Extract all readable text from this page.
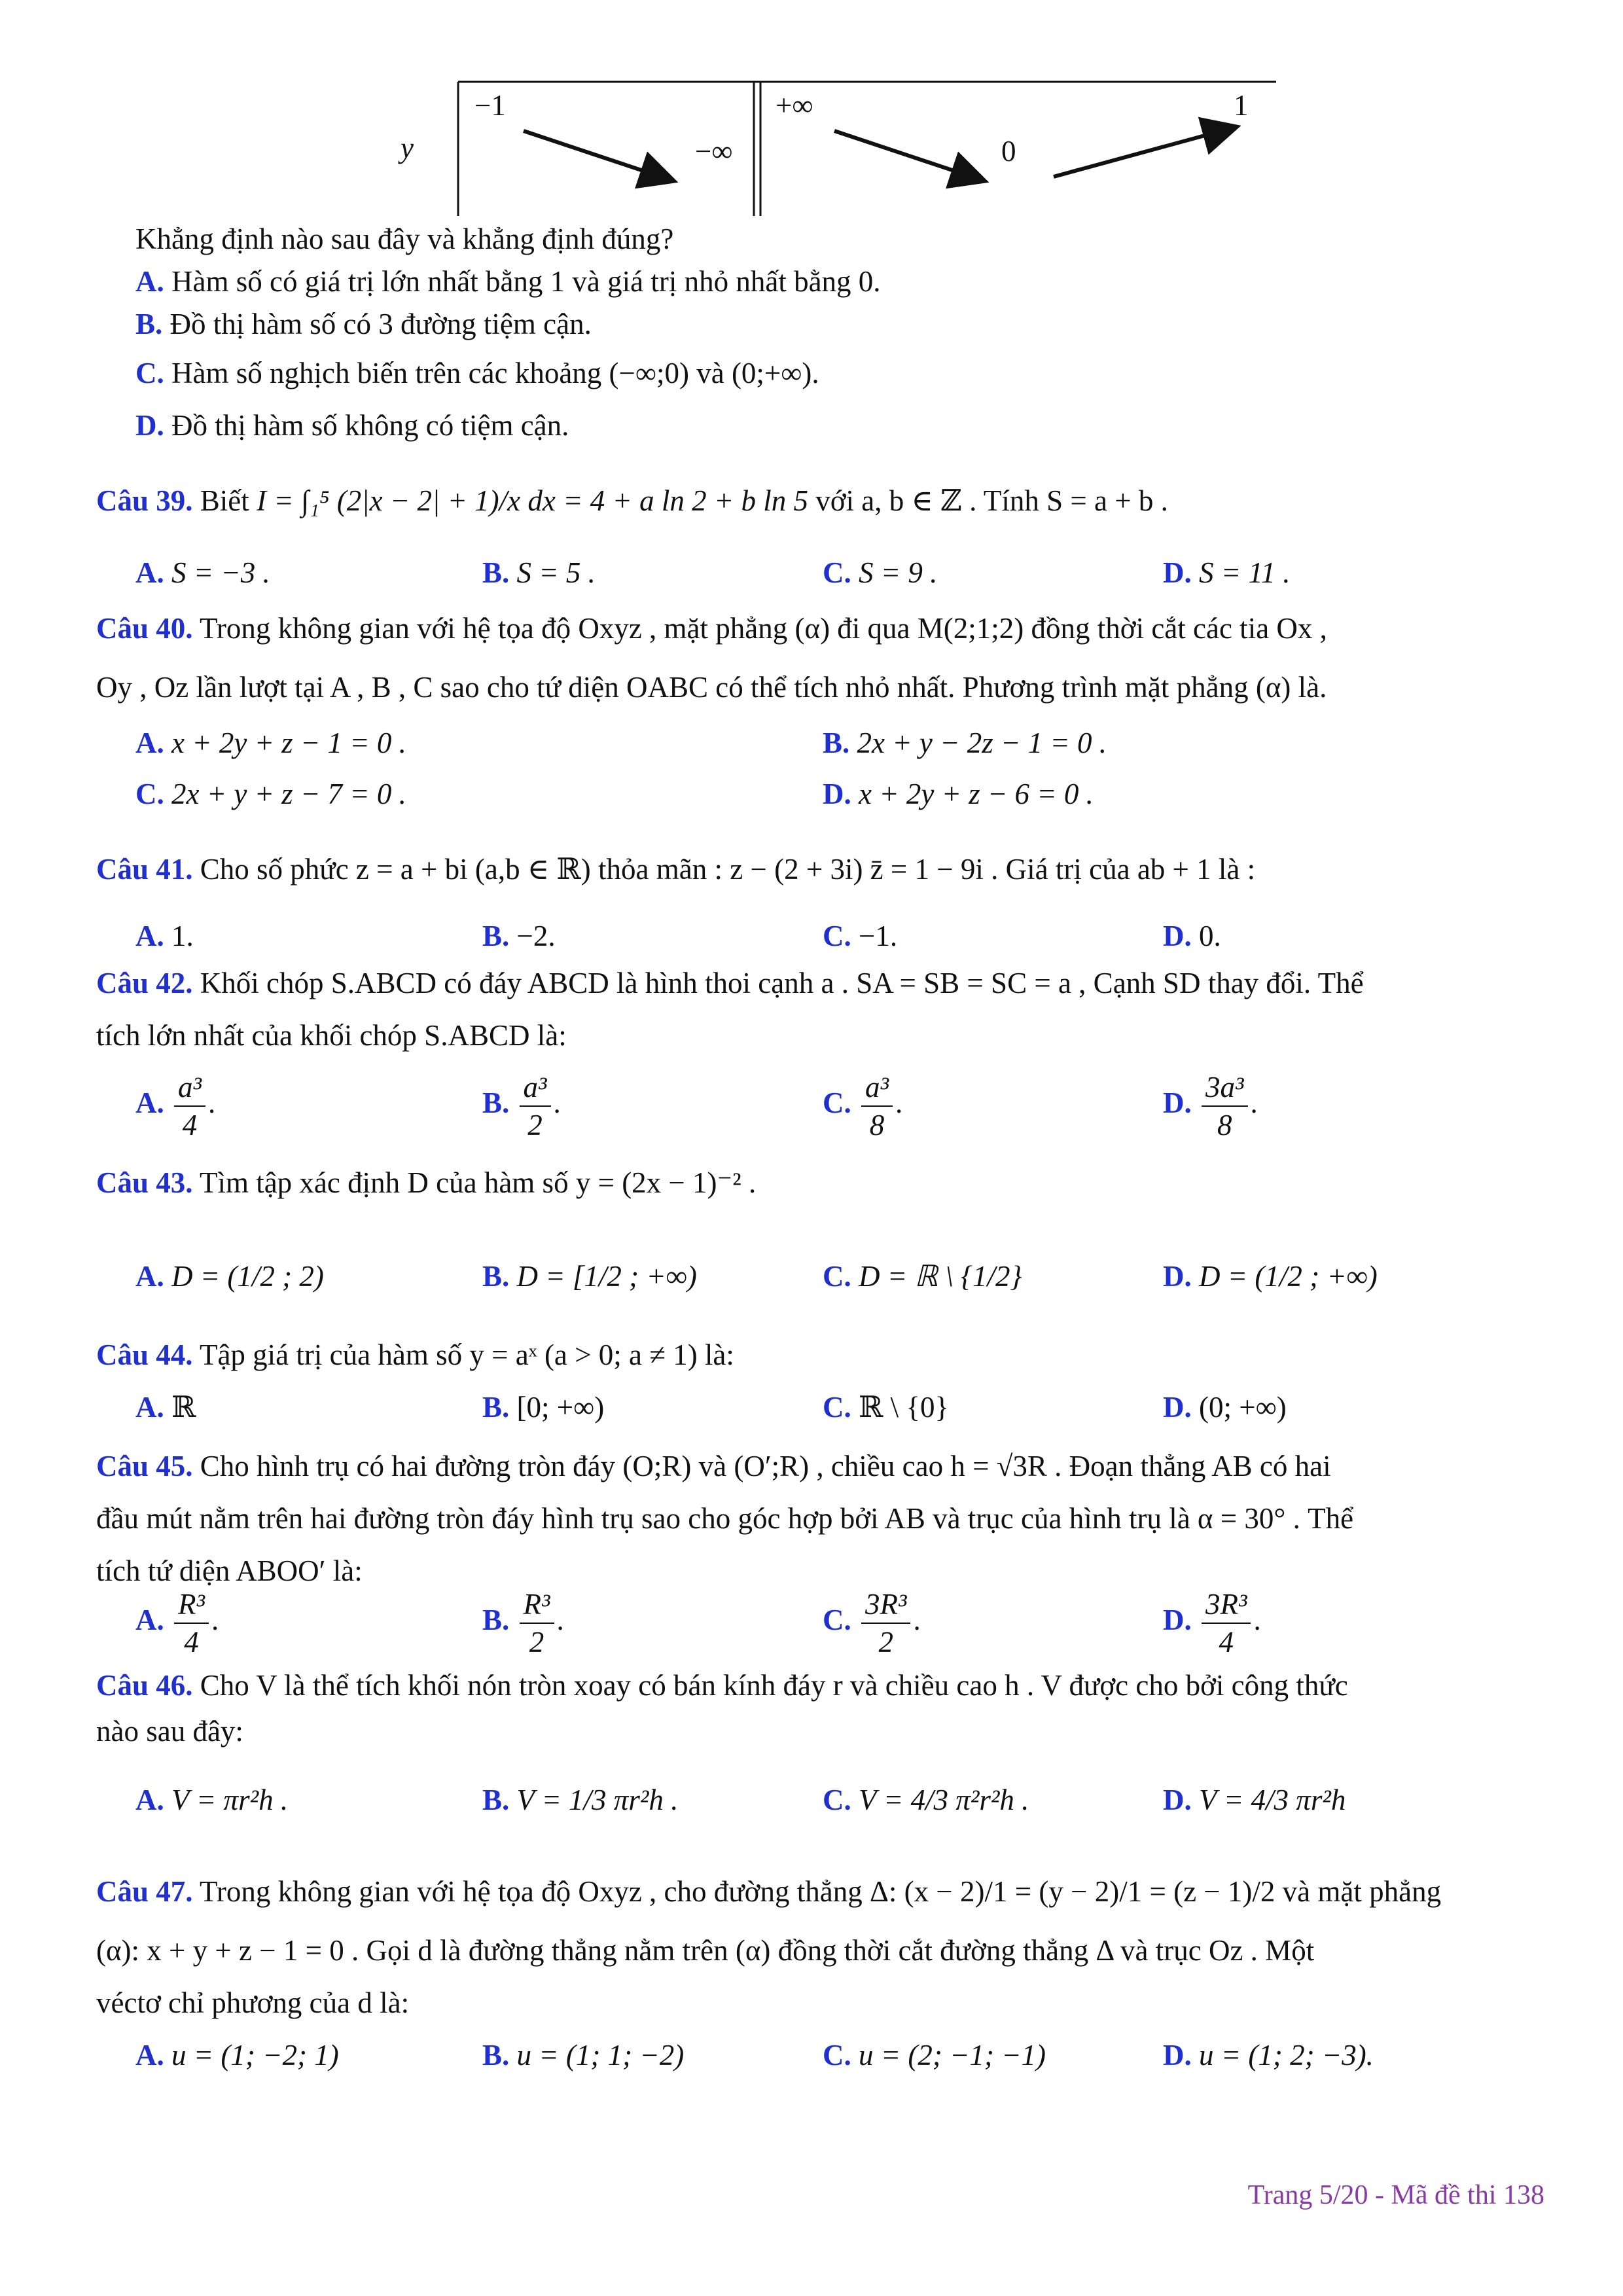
y
−1
−∞
+∞
0
1
Khẳng định nào sau đây và khẳng định đúng?
A. Hàm số có giá trị lớn nhất bằng 1 và giá trị nhỏ nhất bằng 0.
B. Đồ thị hàm số có 3 đường tiệm cận.
C. Hàm số nghịch biến trên các khoảng (−∞;0) và (0;+∞).
D. Đồ thị hàm số không có tiệm cận.
Câu 39. Biết I = ∫₁⁵ (2|x − 2| + 1)/x dx = 4 + a ln 2 + b ln 5 với a, b ∈ ℤ . Tính S = a + b .
A. S = −3 .	B. S = 5 .	C. S = 9 .	D. S = 11 .
Câu 40. Trong không gian với hệ tọa độ Oxyz , mặt phẳng (α) đi qua M(2;1;2) đồng thời cắt các tia Ox ,
Oy , Oz lần lượt tại A , B , C sao cho tứ diện OABC có thể tích nhỏ nhất. Phương trình mặt phẳng (α) là.
A. x + 2y + z − 1 = 0 .	B. 2x + y − 2z − 1 = 0 .
C. 2x + y + z − 7 = 0 .	D. x + 2y + z − 6 = 0 .
Câu 41. Cho số phức z = a + bi (a,b ∈ ℝ) thỏa mãn : z − (2 + 3i) z̄ = 1 − 9i . Giá trị của ab + 1 là :
A. 1.	B. −2.	C. −1.	D. 0.
Câu 42. Khối chóp S.ABCD có đáy ABCD là hình thoi cạnh a . SA = SB = SC = a , Cạnh SD thay đổi. Thể
tích lớn nhất của khối chóp S.ABCD là:
A. $\frac{\text{a³}}{4}$ .	B. $\frac{\text{a³}}{2}$ .	C. $\frac{\text{a³}}{8}$ .	D. $\frac{\text{3a³}}{8}$ .
Câu 43. Tìm tập xác định D của hàm số y = (2x − 1)⁻² .
A. D = (1/2 ; 2)	B. D = [1/2 ; +∞)	C. D = ℝ \ {1/2}	D. D = (1/2 ; +∞)
Câu 44. Tập giá trị của hàm số y = aˣ (a > 0; a ≠ 1) là:
A. ℝ	B. [0; +∞)	C. ℝ \ {0}	D. (0; +∞)
Câu 45. Cho hình trụ có hai đường tròn đáy (O;R) và (O′;R) , chiều cao h = √3R . Đoạn thẳng AB có hai
đầu mút nằm trên hai đường tròn đáy hình trụ sao cho góc hợp bởi AB và trục của hình trụ là α = 30° . Thể
tích tứ diện ABOO′ là:
A. $\frac{\text{R³}}{4}$ .	B. $\frac{\text{R³}}{2}$ .	C. $\frac{\text{3R³}}{2}$ .	D. $\frac{\text{3R³}}{4}$ .
Câu 46. Cho V là thể tích khối nón tròn xoay có bán kính đáy r và chiều cao h . V được cho bởi công thức
nào sau đây:
A. V = πr²h .	B. V = 1/3 πr²h .	C. V = 4/3 π²r²h .	D. V = 4/3 πr²h
Câu 47. Trong không gian với hệ tọa độ Oxyz , cho đường thẳng Δ: (x − 2)/1 = (y − 2)/1 = (z − 1)/2 và mặt phẳng
(α): x + y + z − 1 = 0 . Gọi d là đường thẳng nằm trên (α) đồng thời cắt đường thẳng Δ và trục Oz . Một
véctơ chỉ phương của d là:
A. u = (1; −2; 1)	B. u = (1; 1; −2)	C. u = (2; −1; −1)	D. u = (1; 2; −3).
Trang 5/20 - Mã đề thi 138
